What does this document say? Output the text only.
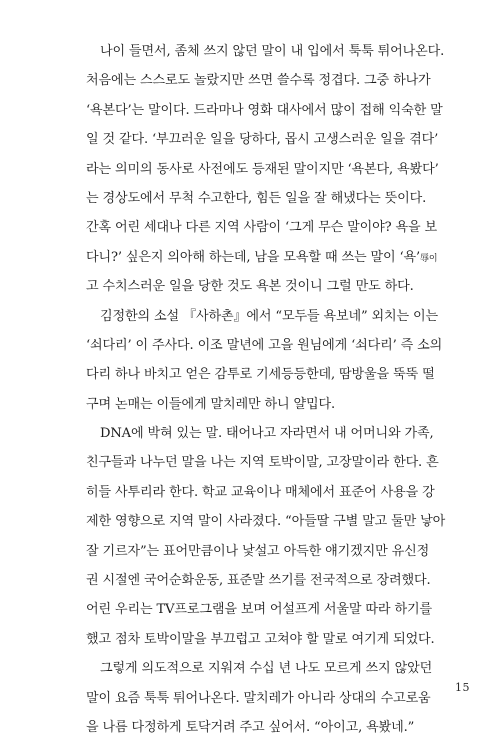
나이 들면서, 좀체 쓰지 않던 말이 내 입에서 툭툭 튀어나온다.
처음에는 스스로도 놀랐지만 쓰면 쓸수록 정겹다. 그중 하나가
‘욕본다’는 말이다. 드라마나 영화 대사에서 많이 접해 익숙한 말
일 것 같다. ‘부끄러운 일을 당하다, 몹시 고생스러운 일을 겪다’
라는 의미의 동사로 사전에도 등재된 말이지만 ‘욕본다, 욕봤다’
는 경상도에서 무척 수고한다, 힘든 일을 잘 해냈다는 뜻이다.
간혹 어린 세대나 다른 지역 사람이 ‘그게 무슨 말이야? 욕을 보
다니?’ 싶은지 의아해 하는데, 남을 모욕할 때 쓰는 말이 ‘욕’辱이
고 수치스러운 일을 당한 것도 욕본 것이니 그럴 만도 하다.

김정한의 소설 『사하촌』에서 “모두들 욕보네” 외치는 이는
‘쇠다리’ 이 주사다. 이조 말년에 고을 원님에게 ‘쇠다리’ 즉 소의
다리 하나 바치고 얻은 감투로 기세등등한데, 땀방울을 뚝뚝 떨
구며 논매는 이들에게 말치레만 하니 얄밉다.

DNA에 박혀 있는 말. 태어나고 자라면서 내 어머니와 가족,
친구들과 나누던 말을 나는 지역 토박이말, 고장말이라 한다. 흔
히들 사투리라 한다. 학교 교육이나 매체에서 표준어 사용을 강
제한 영향으로 지역 말이 사라졌다. “아들딸 구별 말고 둘만 낳아
잘 기르자”는 표어만큼이나 낯설고 아득한 얘기겠지만 유신정
권 시절엔 국어순화운동, 표준말 쓰기를 전국적으로 장려했다.
어린 우리는 TV프로그램을 보며 어설프게 서울말 따라 하기를
했고 점차 토박이말을 부끄럽고 고쳐야 할 말로 여기게 되었다.

그렇게 의도적으로 지워져 수십 년 나도 모르게 쓰지 않았던
말이 요즘 툭툭 튀어나온다. 말치레가 아니라 상대의 수고로움
을 나름 다정하게 토닥거려 주고 싶어서. “아이고, 욕봤네.”

15
